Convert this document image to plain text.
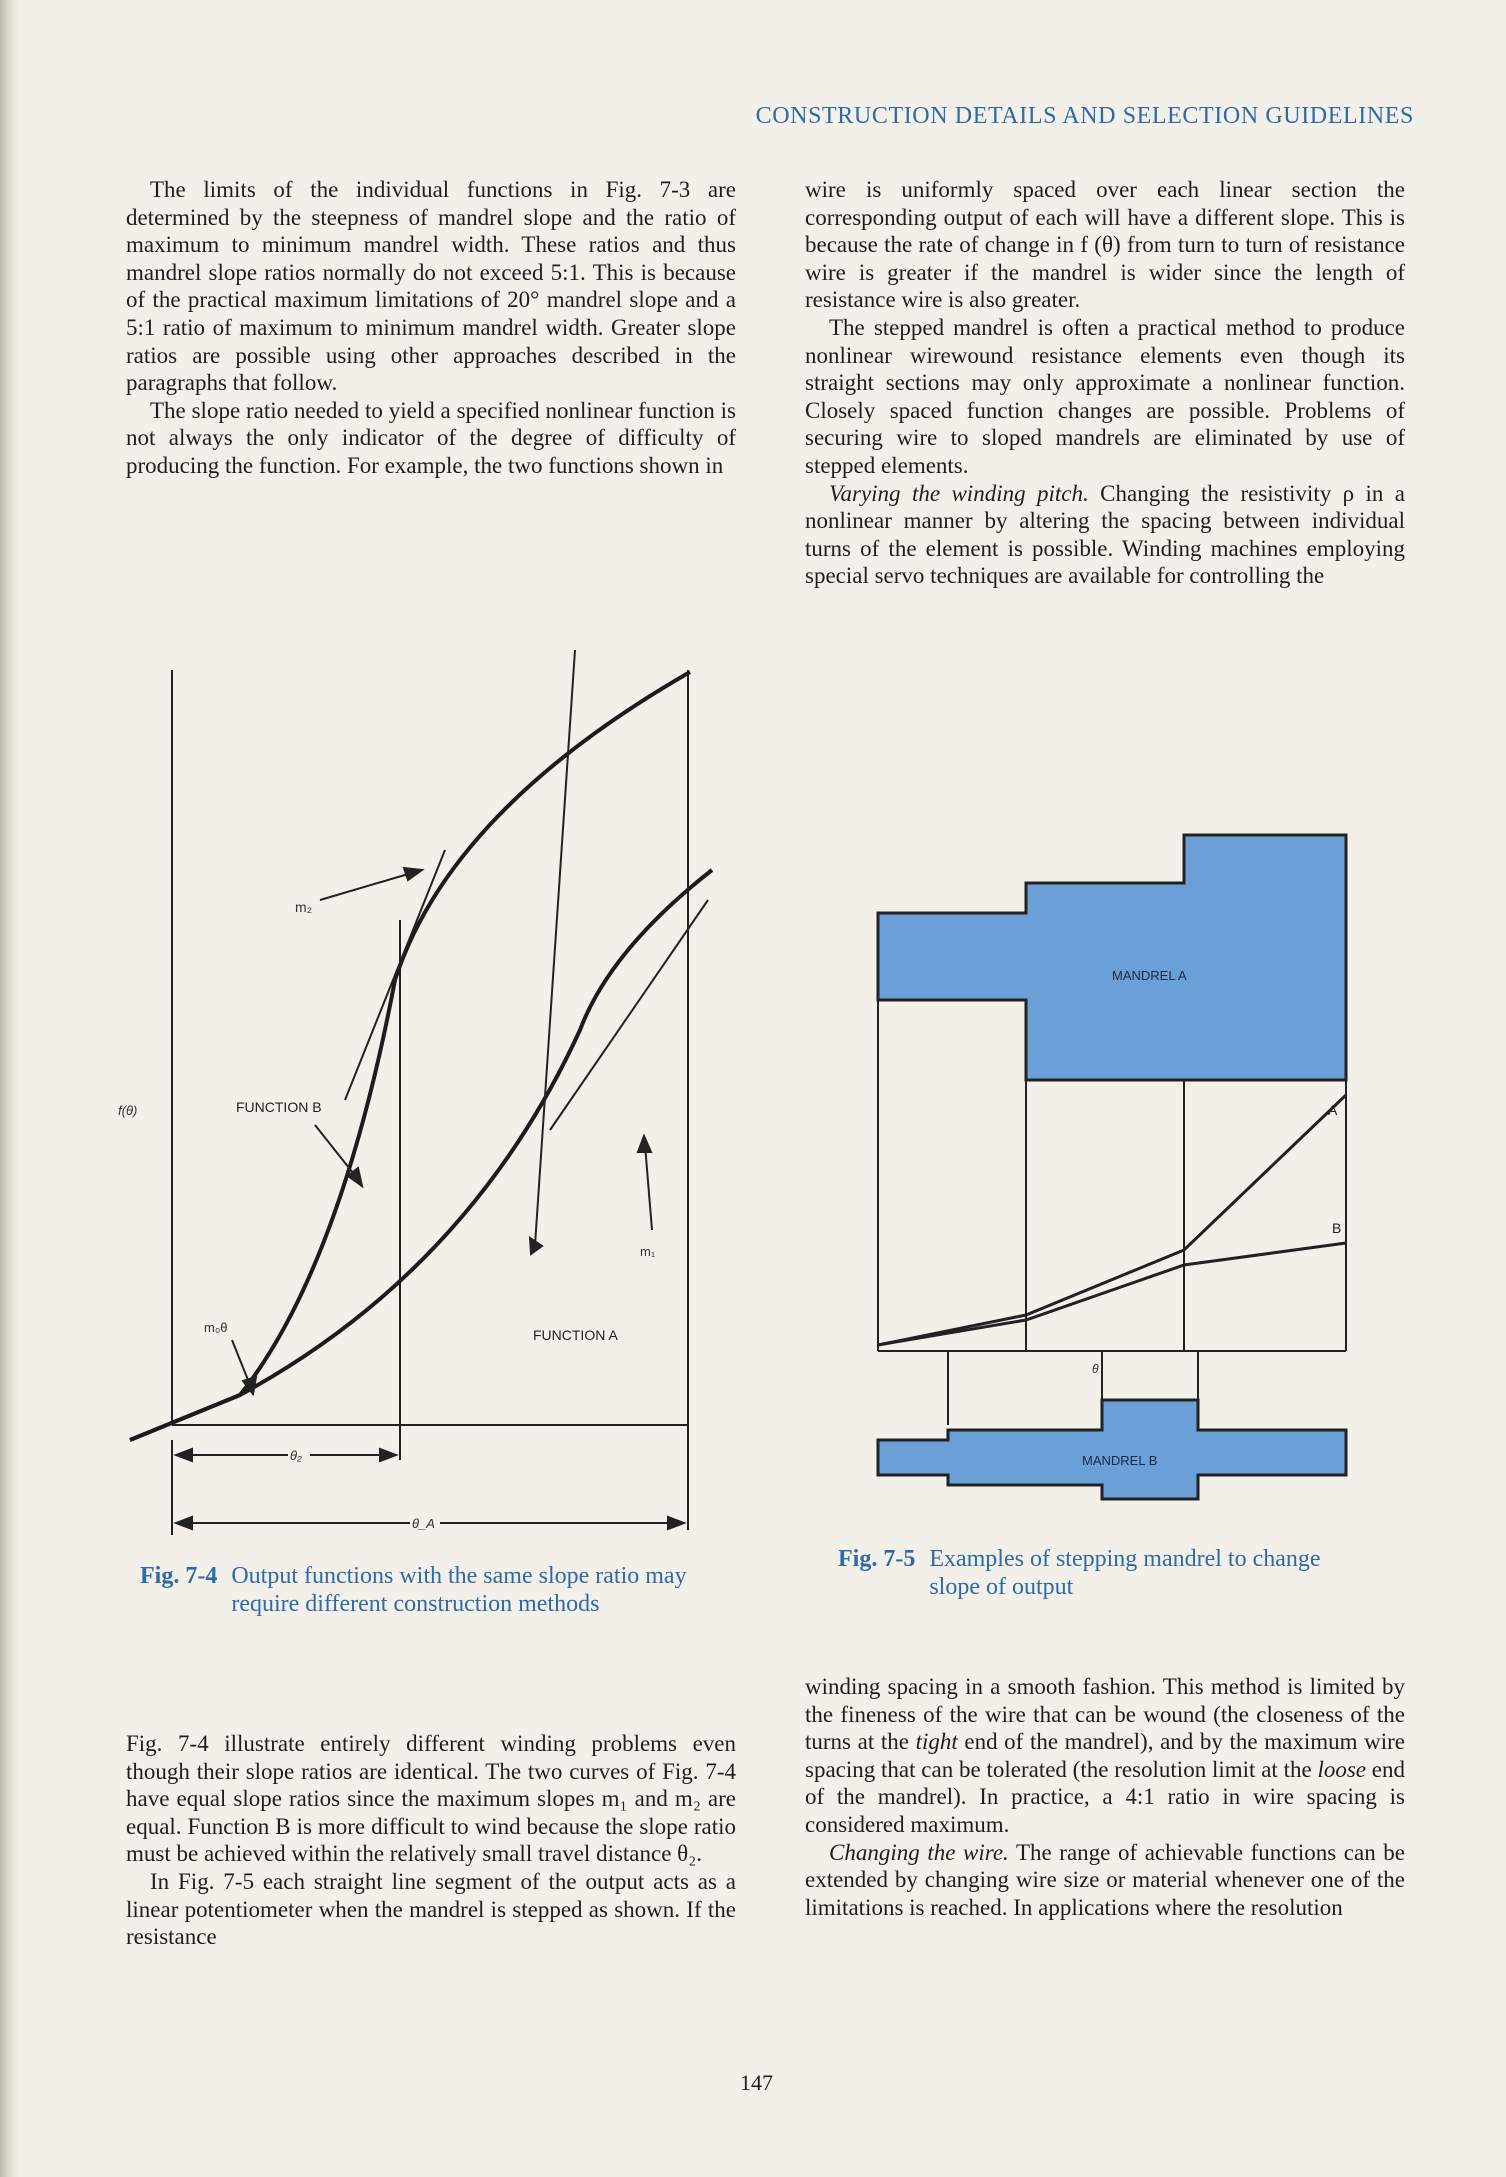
CONSTRUCTION DETAILS AND SELECTION GUIDELINES

The limits of the individual functions in Fig. 7-3 are determined by the steepness of mandrel slope and the ratio of maximum to minimum mandrel width. These ratios and thus mandrel slope ratios normally do not exceed 5:1. This is because of the practical maximum limitations of 20° mandrel slope and a 5:1 ratio of maximum to minimum mandrel width. Greater slope ratios are possible using other approaches described in the paragraphs that follow.

The slope ratio needed to yield a specified nonlinear function is not always the only indicator of the degree of difficulty of producing the function. For example, the two functions shown in

f(θ)
m₂
FUNCTION B
m₁
m₀θ	FUNCTION A
θ₂
θ_A
Fig. 7-4 Output functions with the same slope ratio may require different construction methods

Fig. 7-4 illustrate entirely different winding problems even though their slope ratios are identical. The two curves of Fig. 7-4 have equal slope ratios since the maximum slopes m₁ and m₂ are equal. Function B is more difficult to wind because the slope ratio must be achieved within the relatively small travel distance θ₂.

In Fig. 7-5 each straight line segment of the output acts as a linear potentiometer when the mandrel is stepped as shown. If the resistance

wire is uniformly spaced over each linear section the corresponding output of each will have a different slope. This is because the rate of change in f (θ) from turn to turn of resistance wire is greater if the mandrel is wider since the length of resistance wire is also greater.

The stepped mandrel is often a practical method to produce nonlinear wirewound resistance elements even though its straight sections may only approximate a nonlinear function. Closely spaced function changes are possible. Problems of securing wire to sloped mandrels are eliminated by use of stepped elements.

Varying the winding pitch. Changing the resistivity ρ in a nonlinear manner by altering the spacing between individual turns of the element is possible. Winding machines employing special servo techniques are available for controlling the

MANDREL A
A
B
θ
MANDREL B
Fig. 7-5 Examples of stepping mandrel to change slope of output

winding spacing in a smooth fashion. This method is limited by the fineness of the wire that can be wound (the closeness of the turns at the tight end of the mandrel), and by the maximum wire spacing that can be tolerated (the resolution limit at the loose end of the mandrel). In practice, a 4:1 ratio in wire spacing is considered maximum.

Changing the wire. The range of achievable functions can be extended by changing wire size or material whenever one of the limitations is reached. In applications where the resolution

147
